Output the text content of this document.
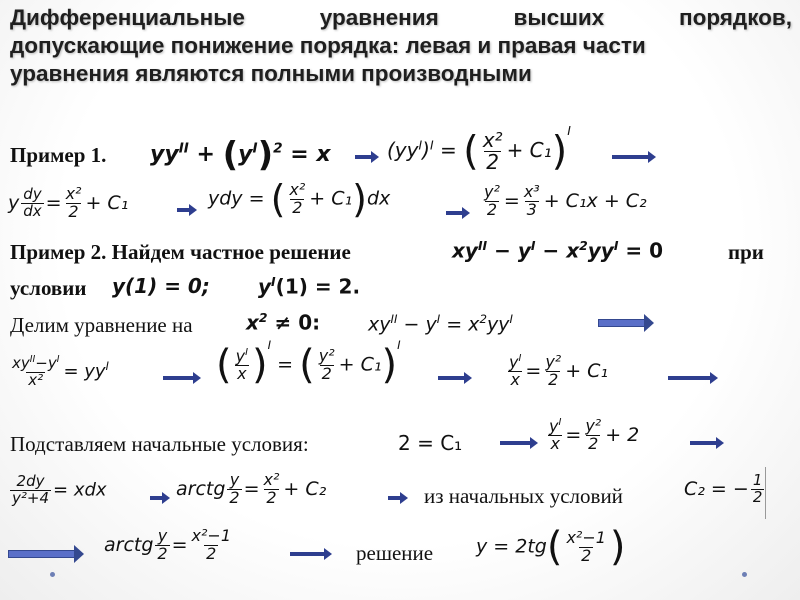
Дифференциальные	уравнения	высших	порядков,
допускающие понижение порядка: левая и правая части
уравнения являются полными производными
Пример 1. $yy^{II} + (y^I)^2 = x$	$(yy^I)^I$ = ( $\frac{\text{x²}}{2} + C_1)^I$
y $\frac{dy}{dx} = \frac{\text{x²}}{2} + C_1$	ydy = ( $\frac{\text{x²}}{2} + C_1)dx$	$\frac{\text{y²}}{2} = \frac{\text{x³}}{3} + C_1x + C_2$
Пример 2. Найдем частное решение	$xy^{II} - y^I - x^2yy^I = 0$	при
условии y(1) = 0; $y^I(1) = 2$.
Делим уравнение на	$x^2 \ne 0$:	$xy^{II} - y^I = x^2yy^I$
$\frac{xy^{II}-y^I}{\text{x²}} = yy^I$	( $\frac{y^I}{x} )^I$ = ( $\frac{\text{y²}}{2} + C_1)^I$
$\frac{y^I}{x} = \frac{\text{y²}}{2} + C_1$
Подставляем начальные условия:	2 = C₁	$\frac{y^I}{x} = \frac{\text{y²}}{2} + 2$
$\frac{2dy}{\text{y²+4}}$ = xdx	arctg $\frac{y}{2} = \frac{\text{x²}}{2} + C_2$	из начальных условий	C₂ = − $\frac{1}{2}$
arctg $\frac{y}{2} = \frac{\text{x²−1}}{2}$	решение $y = 2tg( \frac{\text{x²−1}}{2}$ )
